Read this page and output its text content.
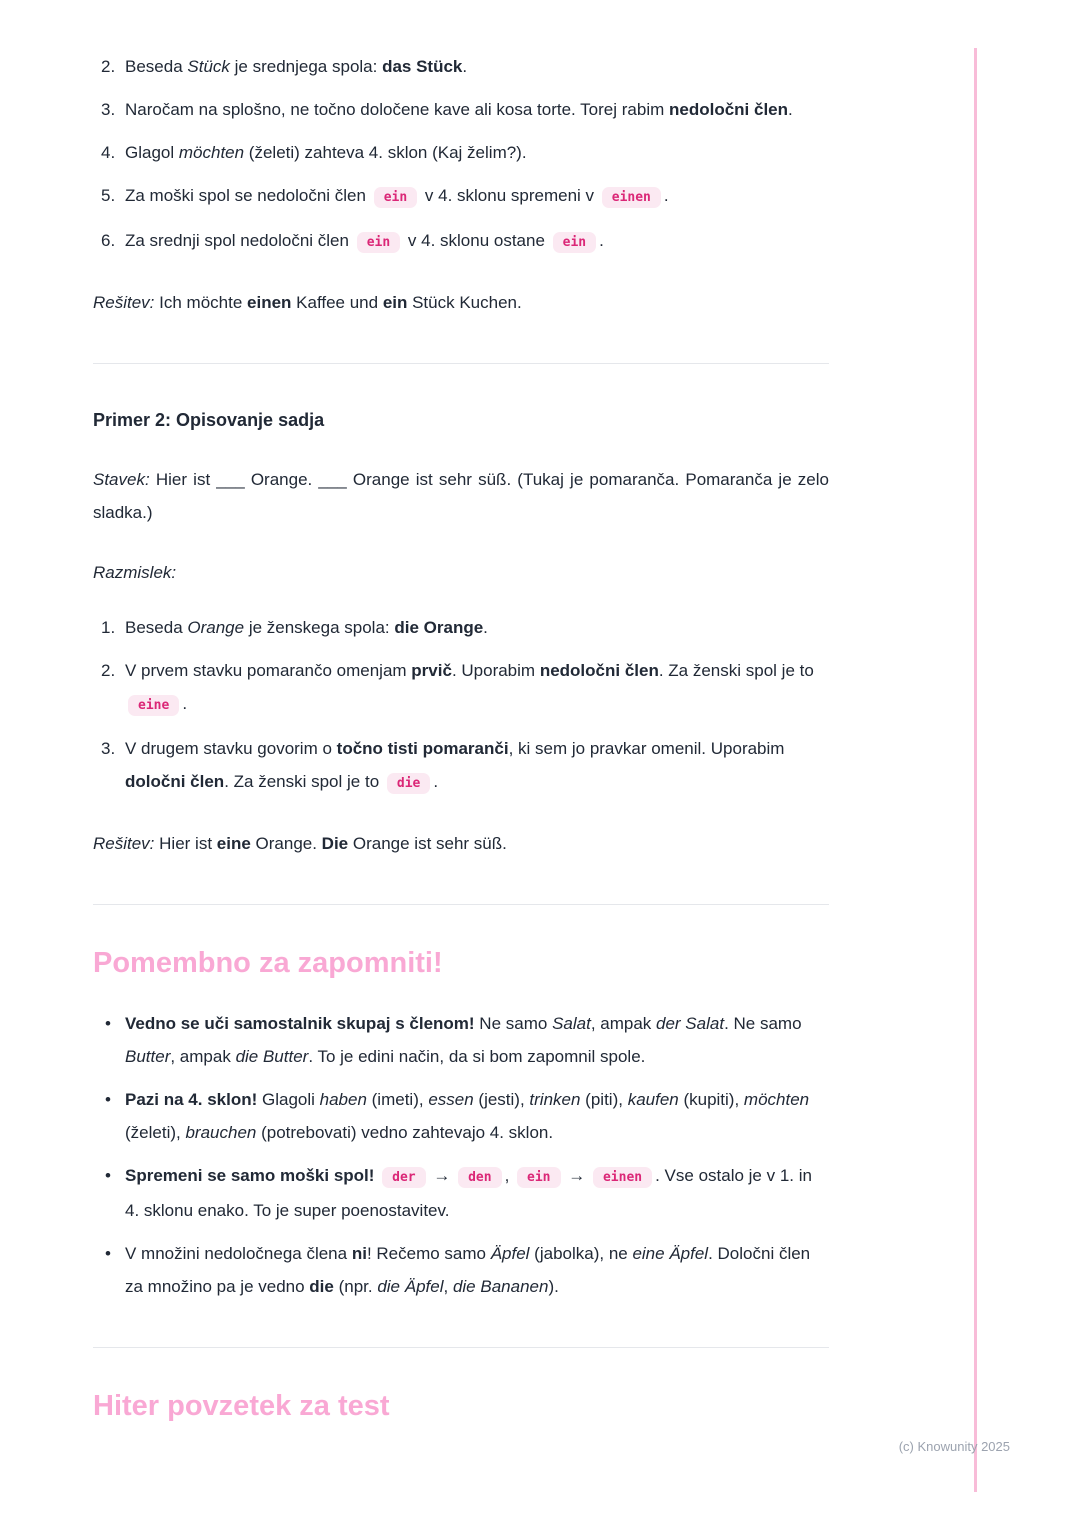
2. Beseda Stück je srednjega spola: das Stück.
3. Naročam na splošno, ne točno določene kave ali kosa torte. Torej rabim nedoločni člen.
4. Glagol möchten (želeti) zahteva 4. sklon (Kaj želim?).
5. Za moški spol se nedoločni člen ein v 4. sklonu spremeni v einen .
6. Za srednji spol nedoločni člen ein v 4. sklonu ostane ein .

Rešitev: Ich möchte einen Kaffee und ein Stück Kuchen.

Primer 2: Opisovanje sadja

Stavek: Hier ist ___ Orange. ___ Orange ist sehr süß. (Tukaj je pomaranča. Pomaranča je zelo sladka.)

Razmislek:

1. Beseda Orange je ženskega spola: die Orange.
2. V prvem stavku pomarančo omenjam prvič. Uporabim nedoločni člen. Za ženski spol je to eine .
3. V drugem stavku govorim o točno tisti pomaranči, ki sem jo pravkar omenil. Uporabim določni člen. Za ženski spol je to die .

Rešitev: Hier ist eine Orange. Die Orange ist sehr süß.

Pomembno za zapomniti!
• Vedno se uči samostalnik skupaj s členom! Ne samo Salat, ampak der Salat. Ne samo Butter, ampak die Butter. To je edini način, da si bom zapomnil spole.
• Pazi na 4. sklon! Glagoli haben (imeti), essen (jesti), trinken (piti), kaufen (kupiti), möchten (želeti), brauchen (potrebovati) vedno zahtevajo 4. sklon.
• Spremeni se samo moški spol! der → den , ein → einen . Vse ostalo je v 1. in 4. sklonu enako. To je super poenostavitev.
• V množini nedoločnega člena ni! Rečemo samo Äpfel (jabolka), ne eine Äpfel. Določni člen za množino pa je vedno die (npr. die Äpfel, die Bananen).
Hiter povzetek za test
(c) Knowunity 2025
